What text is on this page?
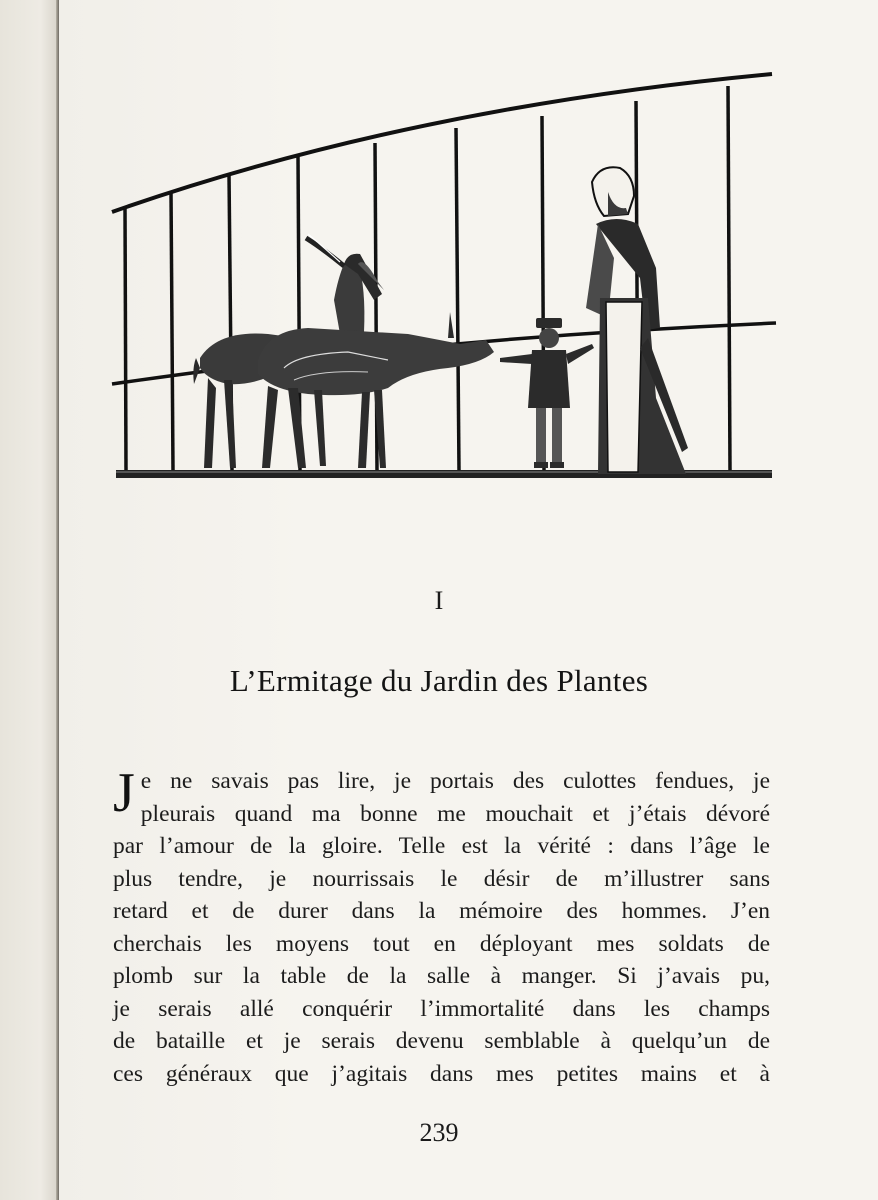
I
L’Ermitage du Jardin des Plantes
J e ne savais pas lire, je portais des culottes fendues, je
pleurais quand ma bonne me mouchait et j’étais dévoré
par l’amour de la gloire. Telle est la vérité : dans l’âge le
plus tendre, je nourrissais le désir de m’illustrer sans
retard et de durer dans la mémoire des hommes. J’en
cherchais les moyens tout en déployant mes soldats de
plomb sur la table de la salle à manger. Si j’avais pu,
je serais allé conquérir l’immortalité dans les champs
de bataille et je serais devenu semblable à quelqu’un de
ces généraux que j’agitais dans mes petites mains et à
239
